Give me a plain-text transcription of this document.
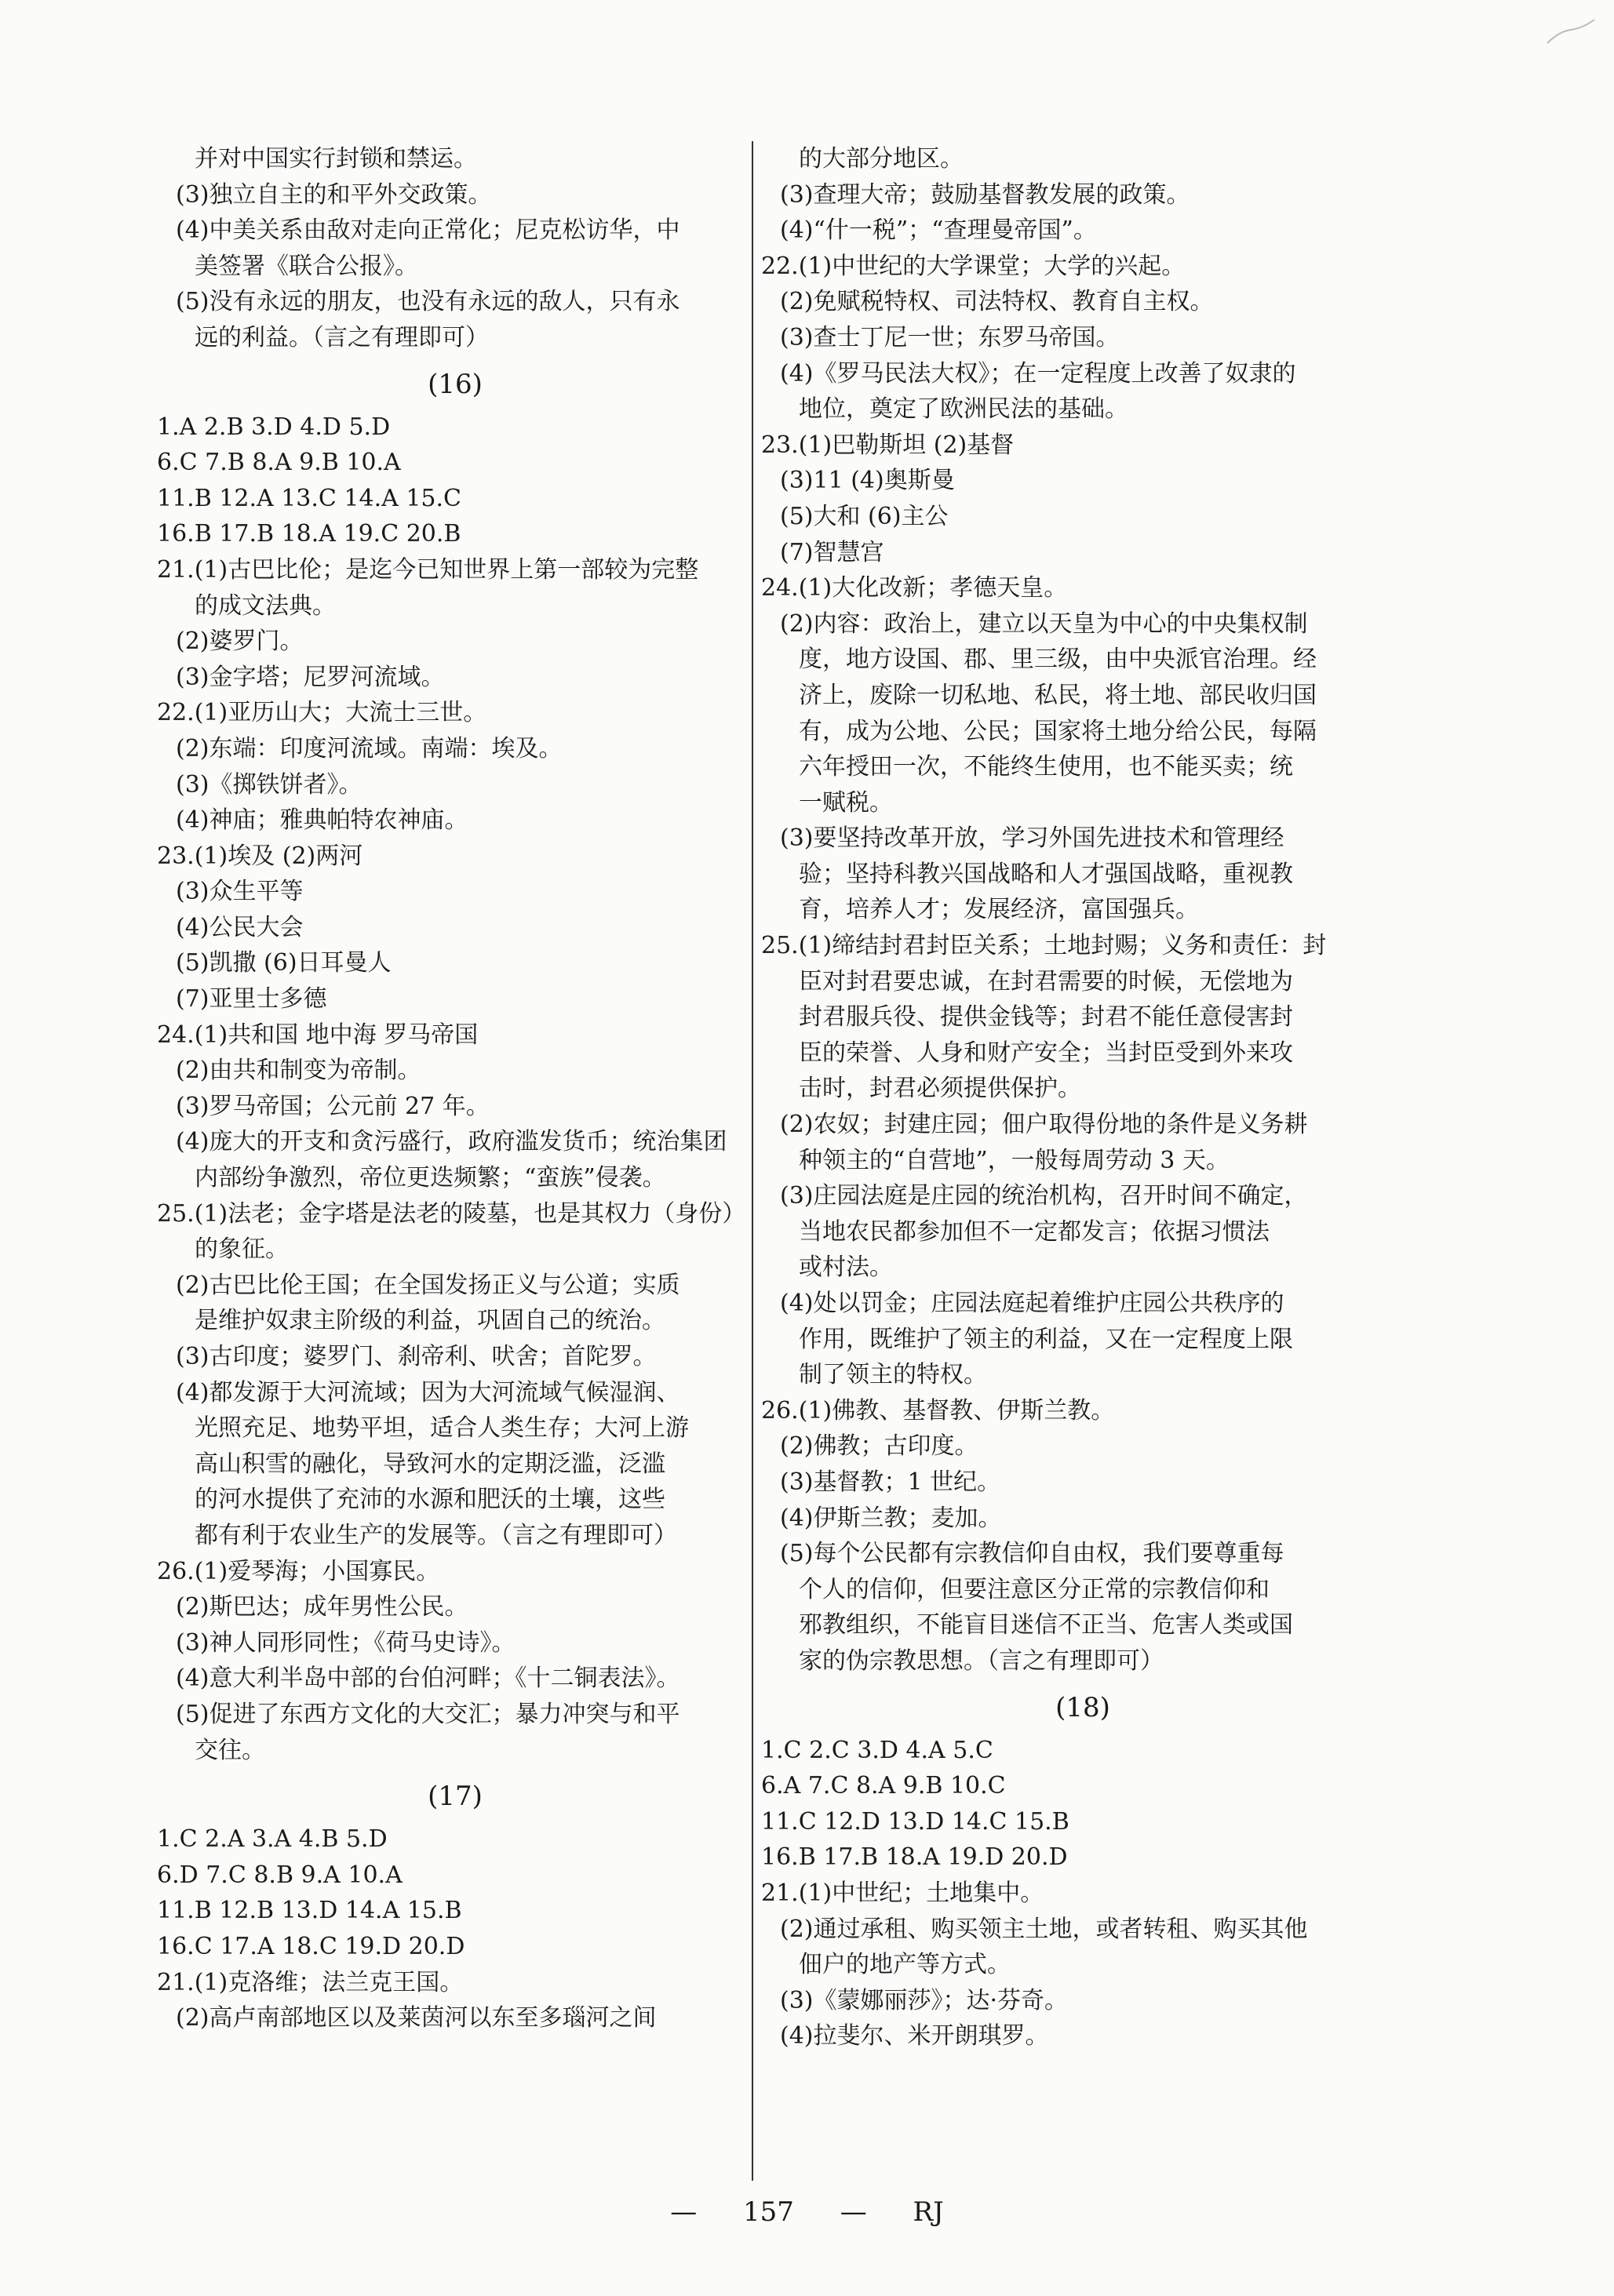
并对中国实行封锁和禁运。
(3)独立自主的和平外交政策。
(4)中美关系由敌对走向正常化；尼克松访华，中
美签署《联合公报》。
(5)没有永远的朋友，也没有永远的敌人，只有永
远的利益。（言之有理即可）
(16)
1.A 2.B 3.D 4.D 5.D
6.C 7.B 8.A 9.B 10.A
11.B 12.A 13.C 14.A 15.C
16.B 17.B 18.A 19.C 20.B
21.(1)古巴比伦；是迄今已知世界上第一部较为完整
的成文法典。
(2)婆罗门。
(3)金字塔；尼罗河流域。
22.(1)亚历山大；大流士三世。
(2)东端：印度河流域。南端：埃及。
(3)《掷铁饼者》。
(4)神庙；雅典帕特农神庙。
23.(1)埃及 (2)两河
(3)众生平等
(4)公民大会
(5)凯撒 (6)日耳曼人
(7)亚里士多德
24.(1)共和国 地中海 罗马帝国
(2)由共和制变为帝制。
(3)罗马帝国；公元前 27 年。
(4)庞大的开支和贪污盛行，政府滥发货币；统治集团
内部纷争激烈，帝位更迭频繁；“蛮族”侵袭。
25.(1)法老；金字塔是法老的陵墓，也是其权力（身份）
的象征。
(2)古巴比伦王国；在全国发扬正义与公道；实质
是维护奴隶主阶级的利益，巩固自己的统治。
(3)古印度；婆罗门、刹帝利、吠舍；首陀罗。
(4)都发源于大河流域；因为大河流域气候湿润、
光照充足、地势平坦，适合人类生存；大河上游
高山积雪的融化，导致河水的定期泛滥，泛滥
的河水提供了充沛的水源和肥沃的土壤，这些
都有利于农业生产的发展等。（言之有理即可）
26.(1)爱琴海；小国寡民。
(2)斯巴达；成年男性公民。
(3)神人同形同性；《荷马史诗》。
(4)意大利半岛中部的台伯河畔；《十二铜表法》。
(5)促进了东西方文化的大交汇；暴力冲突与和平
交往。
(17)
1.C 2.A 3.A 4.B 5.D
6.D 7.C 8.B 9.A 10.A
11.B 12.B 13.D 14.A 15.B
16.C 17.A 18.C 19.D 20.D
21.(1)克洛维；法兰克王国。
(2)高卢南部地区以及莱茵河以东至多瑙河之间
的大部分地区。
(3)查理大帝；鼓励基督教发展的政策。
(4)“什一税”；“查理曼帝国”。
22.(1)中世纪的大学课堂；大学的兴起。
(2)免赋税特权、司法特权、教育自主权。
(3)查士丁尼一世；东罗马帝国。
(4)《罗马民法大权》；在一定程度上改善了奴隶的
地位，奠定了欧洲民法的基础。
23.(1)巴勒斯坦 (2)基督
(3)11 (4)奥斯曼
(5)大和 (6)主公
(7)智慧宫
24.(1)大化改新；孝德天皇。
(2)内容：政治上，建立以天皇为中心的中央集权制
度，地方设国、郡、里三级，由中央派官治理。经
济上，废除一切私地、私民，将土地、部民收归国
有，成为公地、公民；国家将土地分给公民，每隔
六年授田一次，不能终生使用，也不能买卖；统
一赋税。
(3)要坚持改革开放，学习外国先进技术和管理经
验；坚持科教兴国战略和人才强国战略，重视教
育，培养人才；发展经济，富国强兵。
25.(1)缔结封君封臣关系；土地封赐；义务和责任：封
臣对封君要忠诚，在封君需要的时候，无偿地为
封君服兵役、提供金钱等；封君不能任意侵害封
臣的荣誉、人身和财产安全；当封臣受到外来攻
击时，封君必须提供保护。
(2)农奴；封建庄园；佃户取得份地的条件是义务耕
种领主的“自营地”，一般每周劳动 3 天。
(3)庄园法庭是庄园的统治机构，召开时间不确定，
当地农民都参加但不一定都发言；依据习惯法
或村法。
(4)处以罚金；庄园法庭起着维护庄园公共秩序的
作用，既维护了领主的利益，又在一定程度上限
制了领主的特权。
26.(1)佛教、基督教、伊斯兰教。
(2)佛教；古印度。
(3)基督教；1 世纪。
(4)伊斯兰教；麦加。
(5)每个公民都有宗教信仰自由权，我们要尊重每
个人的信仰，但要注意区分正常的宗教信仰和
邪教组织，不能盲目迷信不正当、危害人类或国
家的伪宗教思想。（言之有理即可）
(18)
1.C 2.C 3.D 4.A 5.C
6.A 7.C 8.A 9.B 10.C
11.C 12.D 13.D 14.C 15.B
16.B 17.B 18.A 19.D 20.D
21.(1)中世纪；土地集中。
(2)通过承租、购买领主土地，或者转租、购买其他
佃户的地产等方式。
(3)《蒙娜丽莎》；达·芬奇。
(4)拉斐尔、米开朗琪罗。
— 157 — RJ
